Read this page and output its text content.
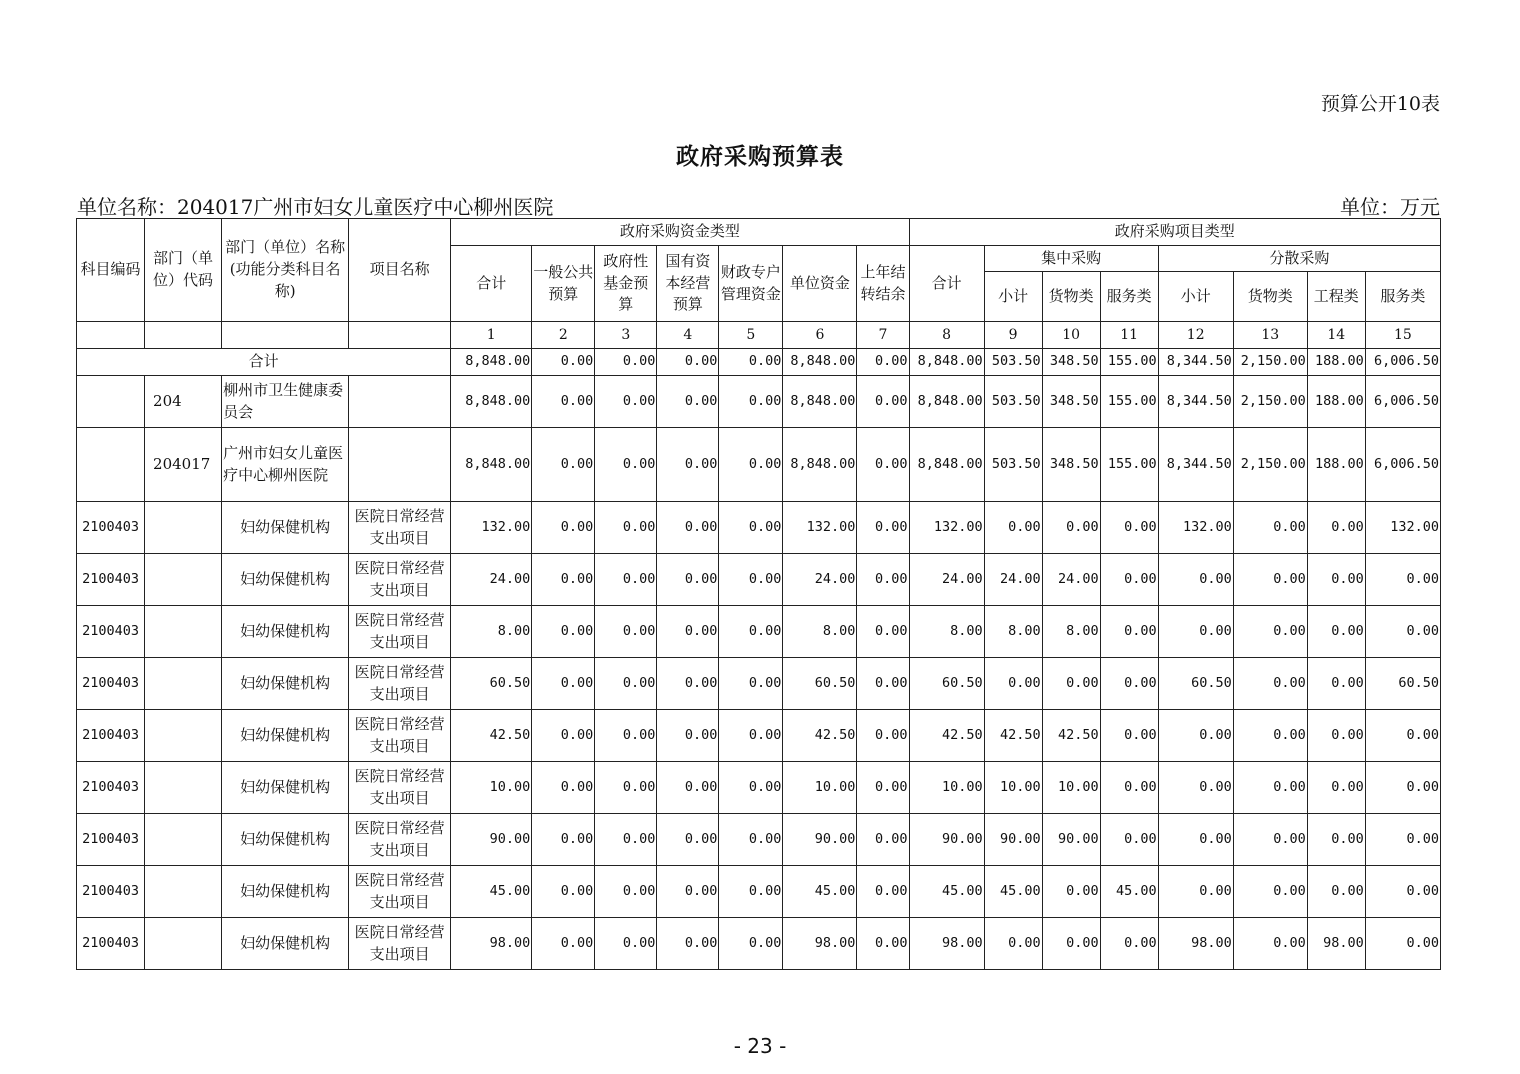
预算公开10表
政府采购预算表
单位名称：204017广州市妇女儿童医疗中心柳州医院	单位：万元
科目编码	部门（单位）代码	部门（单位）名称(功能分类科目名称)	项目名称	政府采购资金类型							政府采购项目类型							
				合计	一般公共预算	政府性基金预算	国有资本经营预算	财政专户管理资金	单位资金	上年结转结余	合计	集中采购			分散采购			
												小计	货物类	服务类	小计	货物类	工程类	服务类
				1	2	3	4	5	6	7	8	9	10	11	12	13	14	15
合计				8,848.00	0.00	0.00	0.00	0.00	8,848.00	0.00	8,848.00	503.50	348.50	155.00	8,344.50	2,150.00	188.00	6,006.50
	204	柳州市卫生健康委员会		8,848.00	0.00	0.00	0.00	0.00	8,848.00	0.00	8,848.00	503.50	348.50	155.00	8,344.50	2,150.00	188.00	6,006.50
	204017	广州市妇女儿童医疗中心柳州医院		8,848.00	0.00	0.00	0.00	0.00	8,848.00	0.00	8,848.00	503.50	348.50	155.00	8,344.50	2,150.00	188.00	6,006.50
2100403		妇幼保健机构	医院日常经营支出项目	132.00	0.00	0.00	0.00	0.00	132.00	0.00	132.00	0.00	0.00	0.00	132.00	0.00	0.00	132.00
2100403		妇幼保健机构	医院日常经营支出项目	24.00	0.00	0.00	0.00	0.00	24.00	0.00	24.00	24.00	24.00	0.00	0.00	0.00	0.00	0.00
2100403		妇幼保健机构	医院日常经营支出项目	8.00	0.00	0.00	0.00	0.00	8.00	0.00	8.00	8.00	8.00	0.00	0.00	0.00	0.00	0.00
2100403		妇幼保健机构	医院日常经营支出项目	60.50	0.00	0.00	0.00	0.00	60.50	0.00	60.50	0.00	0.00	0.00	60.50	0.00	0.00	60.50
2100403		妇幼保健机构	医院日常经营支出项目	42.50	0.00	0.00	0.00	0.00	42.50	0.00	42.50	42.50	42.50	0.00	0.00	0.00	0.00	0.00
2100403		妇幼保健机构	医院日常经营支出项目	10.00	0.00	0.00	0.00	0.00	10.00	0.00	10.00	10.00	10.00	0.00	0.00	0.00	0.00	0.00
2100403		妇幼保健机构	医院日常经营支出项目	90.00	0.00	0.00	0.00	0.00	90.00	0.00	90.00	90.00	90.00	0.00	0.00	0.00	0.00	0.00
2100403		妇幼保健机构	医院日常经营支出项目	45.00	0.00	0.00	0.00	0.00	45.00	0.00	45.00	45.00	0.00	45.00	0.00	0.00	0.00	0.00
2100403		妇幼保健机构	医院日常经营支出项目	98.00	0.00	0.00	0.00	0.00	98.00	0.00	98.00	0.00	0.00	0.00	98.00	0.00	98.00	0.00
- 23 -
